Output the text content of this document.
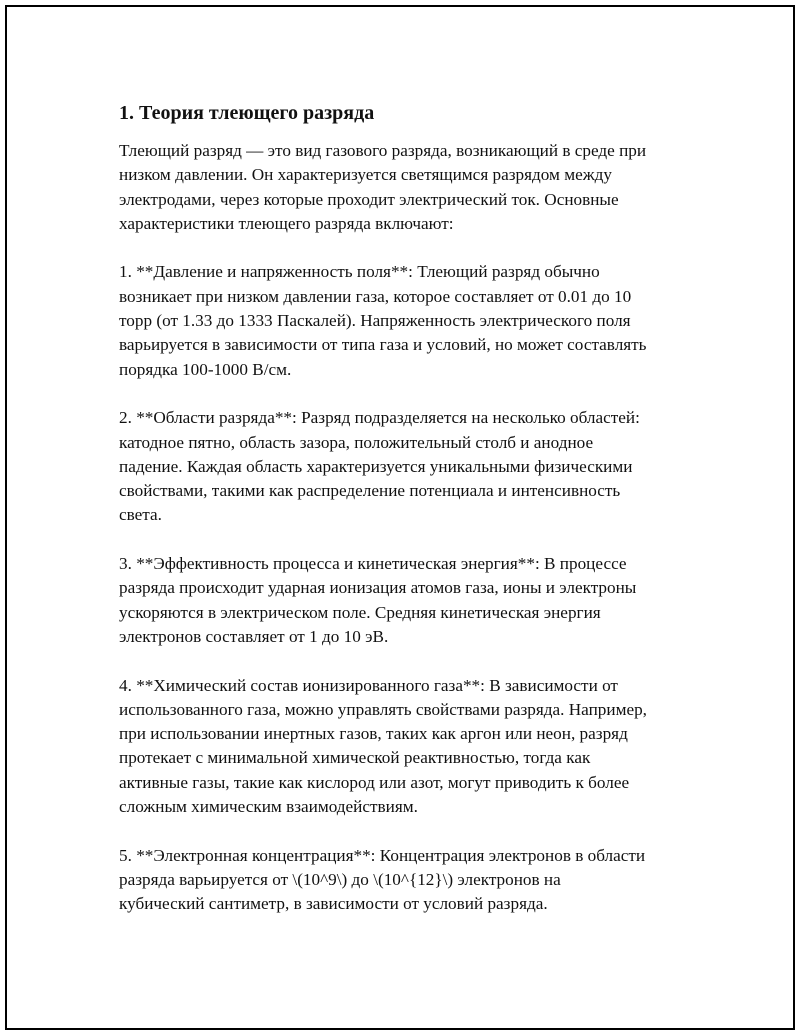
1. Теория тлеющего разряда
Тлеющий разряд — это вид газового разряда, возникающий в среде при
низком давлении. Он характеризуется светящимся разрядом между
электродами, через которые проходит электрический ток. Основные
характеристики тлеющего разряда включают:
1. **Давление и напряженность поля**: Тлеющий разряд обычно
возникает при низком давлении газа, которое составляет от 0.01 до 10
торр (от 1.33 до 1333 Паскалей). Напряженность электрического поля
варьируется в зависимости от типа газа и условий, но может составлять
порядка 100-1000 В/см.
2. **Области разряда**: Разряд подразделяется на несколько областей:
катодное пятно, область зазора, положительный столб и анодное
падение. Каждая область характеризуется уникальными физическими
свойствами, такими как распределение потенциала и интенсивность
света.
3. **Эффективность процесса и кинетическая энергия**: В процессе
разряда происходит ударная ионизация атомов газа, ионы и электроны
ускоряются в электрическом поле. Средняя кинетическая энергия
электронов составляет от 1 до 10 эВ.
4. **Химический состав ионизированного газа**: В зависимости от
использованного газа, можно управлять свойствами разряда. Например,
при использовании инертных газов, таких как аргон или неон, разряд
протекает с минимальной химической реактивностью, тогда как
активные газы, такие как кислород или азот, могут приводить к более
сложным химическим взаимодействиям.
5. **Электронная концентрация**: Концентрация электронов в области
разряда варьируется от \(10^9\) до \(10^{12}\) электронов на
кубический сантиметр, в зависимости от условий разряда.
